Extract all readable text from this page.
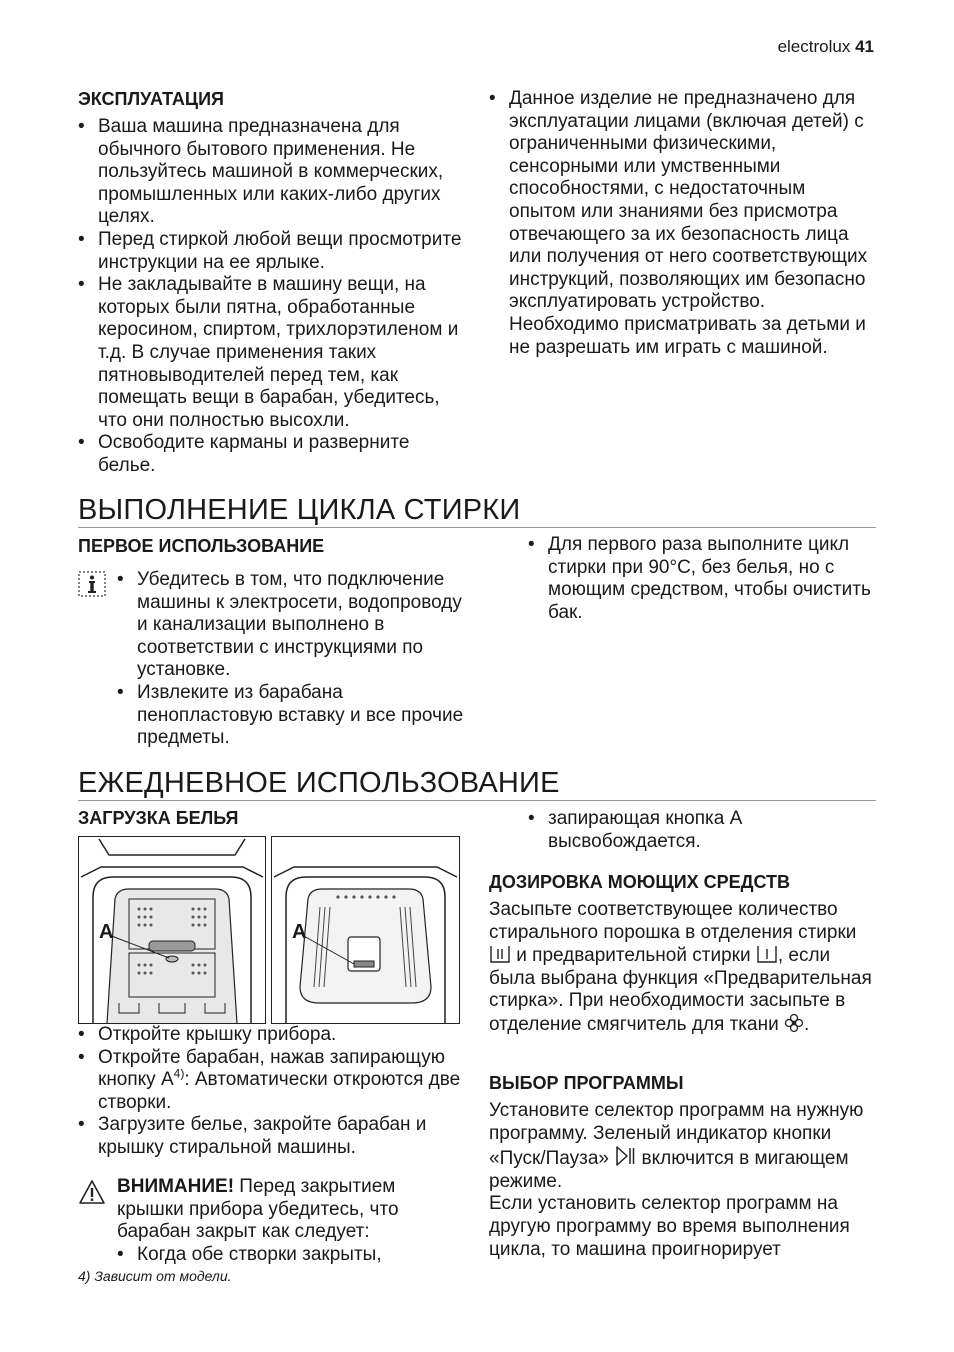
electrolux 41

ЭКСПЛУАТАЦИЯ

• Ваша машина предназначена для обычного бытового применения. Не пользуйтесь машиной в коммерческих, промышленных или каких-либо других целях.
• Перед стиркой любой вещи просмотрите инструкции на ее ярлыке.
• Не закладывайте в машину вещи, на которых были пятна, обработанные керосином, спиртом, трихлорэтиленом и т.д. В случае применения таких пятновыводителей перед тем, как помещать вещи в барабан, убедитесь, что они полностью высохли.
• Освободите карманы и разверните белье.
• Данное изделие не предназначено для эксплуатации лицами (включая детей) с ограниченными физическими, сенсорными или умственными способностями, с недостаточным опытом или знаниями без присмотра отвечающего за их безопасность лица или получения от него соответствующих инструкций, позволяющих им безопасно эксплуатировать устройство.

Необходимо присматривать за детьми и не разрешать им играть с машиной.

ВЫПОЛНЕНИЕ ЦИКЛА СТИРКИ

ПЕРВОЕ ИСПОЛЬЗОВАНИЕ

• Убедитесь в том, что подключение машины к электросети, водопроводу и канализации выполнено в соответствии с инструкциями по установке.
• Извлеките из барабана пенопластовую вставку и все прочие предметы.
• Для первого раза выполните цикл стирки при 90°С, без белья, но с моющим средством, чтобы очистить бак.
ЕЖЕДНЕВНОЕ ИСПОЛЬЗОВАНИЕ

ЗАГРУЗКА БЕЛЬЯ

A	A
• Откройте крышку прибора.
• Откройте барабан, нажав запирающую кнопку $A^{4)}$: Автоматически откроются две створки.
• Загрузите белье, закройте барабан и крышку стиральной машины.

ВНИМАНИЕ! Перед закрытием крышки прибора убедитесь, что барабан закрыт как следует:

• Когда обе створки закрыты,
4) Зависит от модели.
• запирающая кнопка A высвобождается.

ДОЗИРОВКА МОЮЩИХ СРЕДСТВ

Засыпьте соответствующее количество стирального порошка в отделения стирки  и предварительной стирки , если была выбрана функция «Предварительная стирка». При необходимости засыпьте в отделение смягчитель для ткани .

ВЫБОР ПРОГРАММЫ

Установите селектор программ на нужную программу. Зеленый индикатор кнопки «Пуск/Пауза»  включится в мигающем режиме.

Если установить селектор программ на другую программу во время выполнения цикла, то машина проигнорирует
